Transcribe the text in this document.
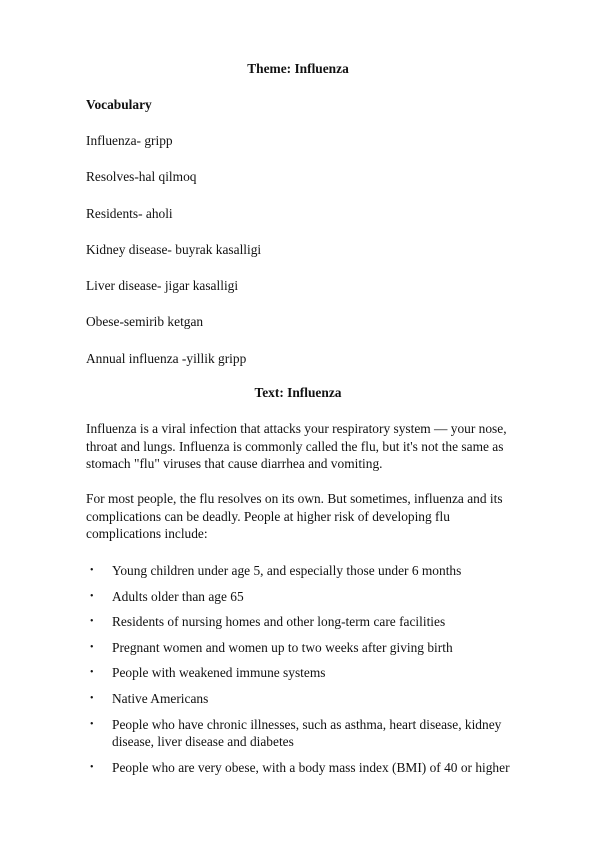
Theme: Influenza
Vocabulary
Influenza- gripp
Resolves-hal qilmoq
Residents- aholi
Kidney disease- buyrak kasalligi
Liver disease- jigar kasalligi
Obese-semirib ketgan
Annual influenza -yillik gripp
Text: Influenza

Influenza is a viral infection that attacks your respiratory system — your nose, throat and lungs. Influenza is commonly called the flu, but it's not the same as stomach "flu" viruses that cause diarrhea and vomiting.

For most people, the flu resolves on its own. But sometimes, influenza and its complications can be deadly. People at higher risk of developing flu complications include:

• Young children under age 5, and especially those under 6 months
• Adults older than age 65
• Residents of nursing homes and other long-term care facilities
• Pregnant women and women up to two weeks after giving birth
• People with weakened immune systems
• Native Americans
• People who have chronic illnesses, such as asthma, heart disease, kidney disease, liver disease and diabetes
• People who are very obese, with a body mass index (BMI) of 40 or higher
